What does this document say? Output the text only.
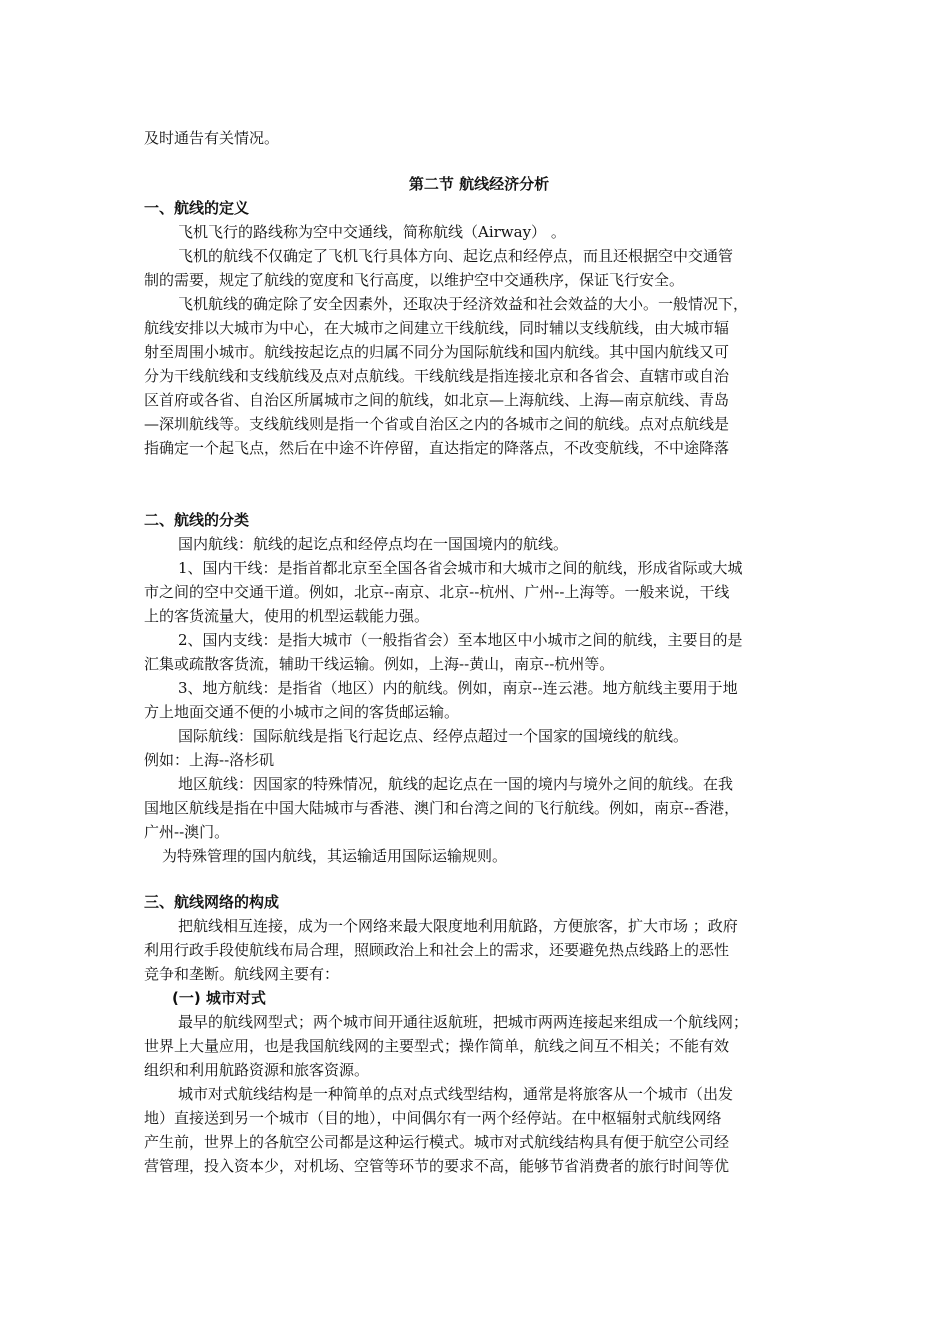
及时通告有关情况。
第二节 航线经济分析
一、航线的定义
飞机飞行的路线称为空中交通线，简称航线（Airway） 。
飞机的航线不仅确定了飞机飞行具体方向、起讫点和经停点，而且还根据空中交通管
制的需要，规定了航线的宽度和飞行高度，以维护空中交通秩序，保证飞行安全。
飞机航线的确定除了安全因素外，还取决于经济效益和社会效益的大小。一般情况下，
航线安排以大城市为中心，在大城市之间建立干线航线，同时辅以支线航线，由大城市辐
射至周围小城市。航线按起讫点的归属不同分为国际航线和国内航线。其中国内航线又可
分为干线航线和支线航线及点对点航线。干线航线是指连接北京和各省会、直辖市或自治
区首府或各省、自治区所属城市之间的航线，如北京—上海航线、上海—南京航线、青岛
—深圳航线等。支线航线则是指一个省或自治区之内的各城市之间的航线。点对点航线是
指确定一个起飞点，然后在中途不许停留，直达指定的降落点，不改变航线，不中途降落
二、航线的分类
国内航线：航线的起讫点和经停点均在一国国境内的航线。
1、国内干线：是指首都北京至全国各省会城市和大城市之间的航线，形成省际或大城
市之间的空中交通干道。例如，北京--南京、北京--杭州、广州--上海等。一般来说，干线
上的客货流量大，使用的机型运载能力强。
2、国内支线：是指大城市（一般指省会）至本地区中小城市之间的航线，主要目的是
汇集或疏散客货流，辅助干线运输。例如，上海--黄山，南京--杭州等。
3、地方航线：是指省（地区）内的航线。例如，南京--连云港。地方航线主要用于地
方上地面交通不便的小城市之间的客货邮运输。
国际航线：国际航线是指飞行起讫点、经停点超过一个国家的国境线的航线。
例如：上海--洛杉矶
地区航线：因国家的特殊情况，航线的起讫点在一国的境内与境外之间的航线。在我
国地区航线是指在中国大陆城市与香港、澳门和台湾之间的飞行航线。例如，南京--香港，
广州--澳门。
为特殊管理的国内航线，其运输适用国际运输规则。
三、航线网络的构成
把航线相互连接，成为一个网络来最大限度地利用航路，方便旅客，扩大市场 ；政府
利用行政手段使航线布局合理，照顾政治上和社会上的需求，还要避免热点线路上的恶性
竞争和垄断。航线网主要有：
(一) 城市对式
最早的航线网型式；两个城市间开通往返航班，把城市两两连接起来组成一个航线网；
世界上大量应用，也是我国航线网的主要型式；操作简单，航线之间互不相关；不能有效
组织和利用航路资源和旅客资源。
城市对式航线结构是一种简单的点对点式线型结构，通常是将旅客从一个城市（出发
地）直接送到另一个城市（目的地），中间偶尔有一两个经停站。在中枢辐射式航线网络
产生前，世界上的各航空公司都是这种运行模式。城市对式航线结构具有便于航空公司经
营管理，投入资本少，对机场、空管等环节的要求不高，能够节省消费者的旅行时间等优
